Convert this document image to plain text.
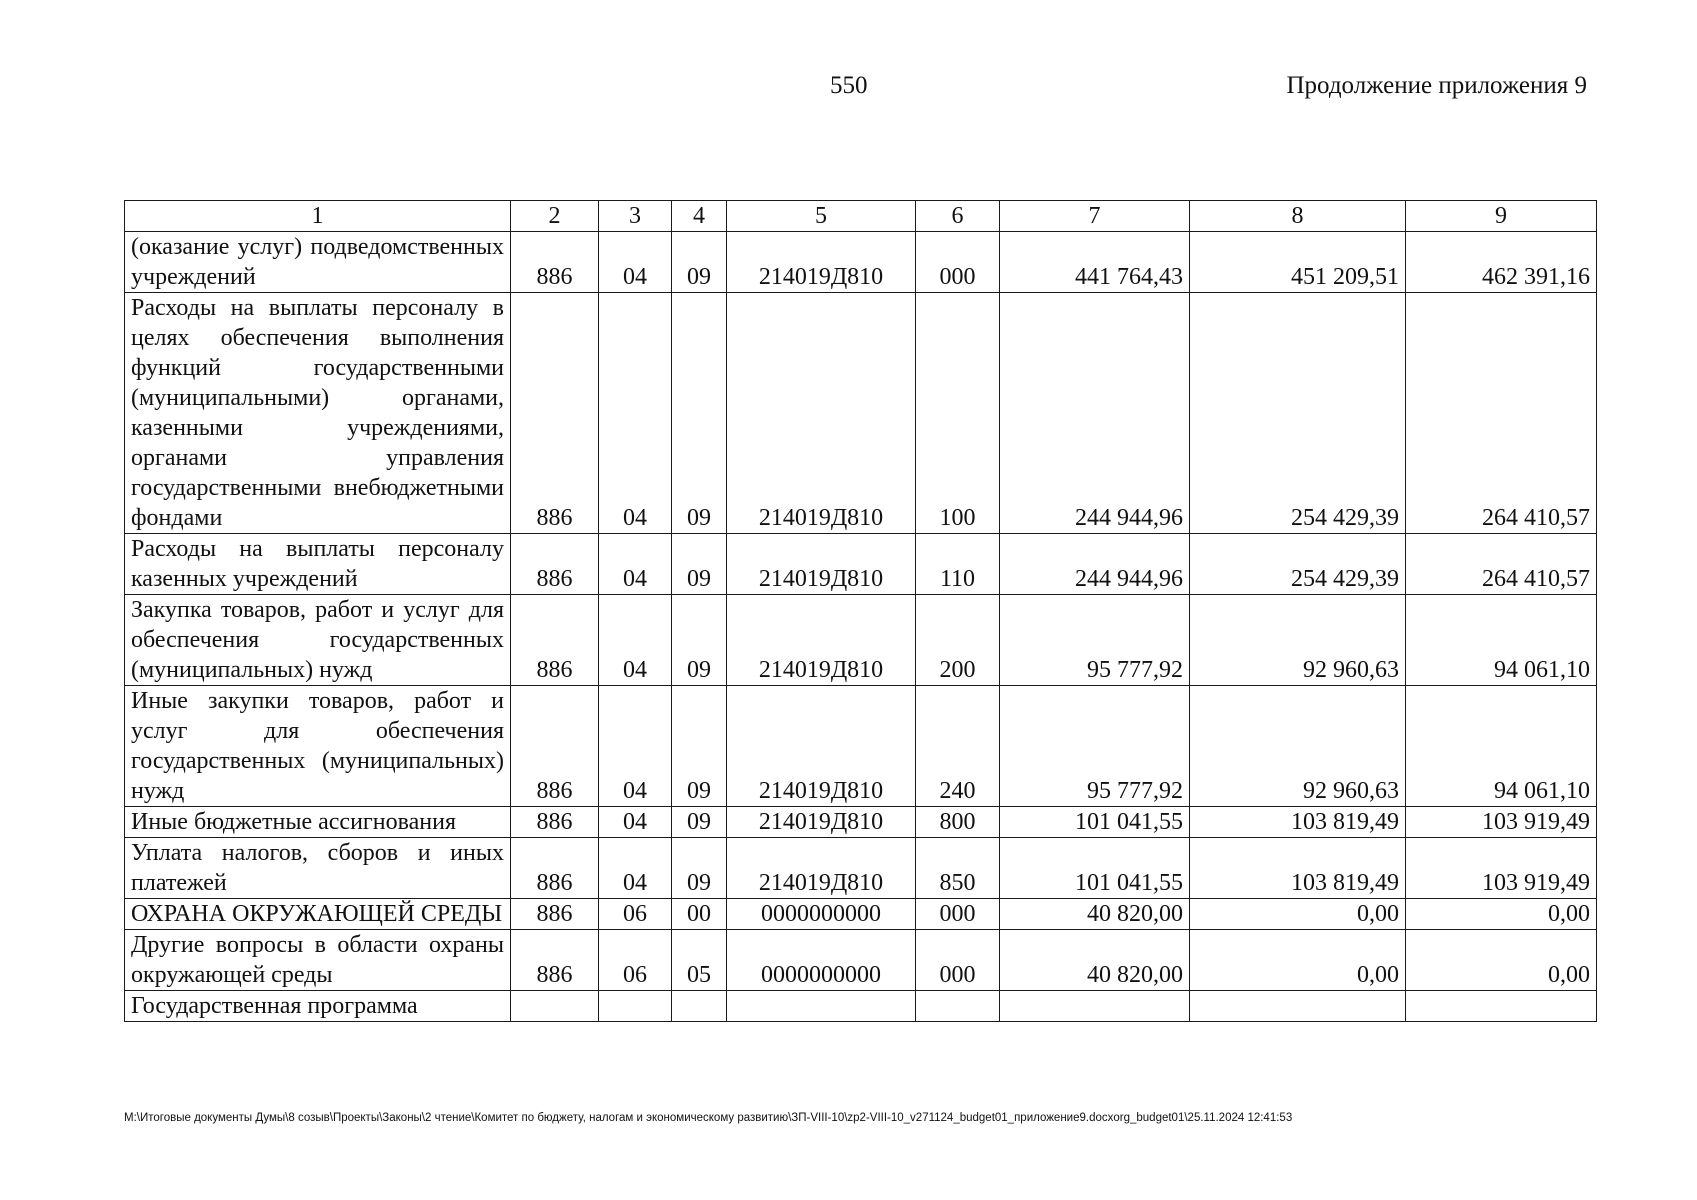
550	Продолжение приложения 9
1	2	3	4	5	6	7	8	9
(оказание услуг) подведомственных учреждений	886	04	09	214019Д810	000	441 764,43	451 209,51	462 391,16
Расходы на выплаты персоналу в целях обеспечения выполнения функций государственными (муниципальными) органами, казенными учреждениями, органами управления государственными внебюджетными фондами	886	04	09	214019Д810	100	244 944,96	254 429,39	264 410,57
Расходы на выплаты персоналу казенных учреждений	886	04	09	214019Д810	110	244 944,96	254 429,39	264 410,57
Закупка товаров, работ и услуг для обеспечения государственных (муниципальных) нужд	886	04	09	214019Д810	200	95 777,92	92 960,63	94 061,10
Иные закупки товаров, работ и услуг для обеспечения государственных (муниципальных) нужд	886	04	09	214019Д810	240	95 777,92	92 960,63	94 061,10
Иные бюджетные ассигнования	886	04	09	214019Д810	800	101 041,55	103 819,49	103 919,49
Уплата налогов, сборов и иных платежей	886	04	09	214019Д810	850	101 041,55	103 819,49	103 919,49
ОХРАНА ОКРУЖАЮЩЕЙ СРЕДЫ	886	06	00	0000000000	000	40 820,00	0,00	0,00
Другие вопросы в области охраны окружающей среды	886	06	05	0000000000	000	40 820,00	0,00	0,00
Государственная программа								
M:\Итоговые документы Думы\8 созыв\Проекты\Законы\2 чтение\Комитет по бюджету, налогам и экономическому развитию\ЗП-VIII-10\zp2-VIII-10_v271124_budget01_приложение9.docxorg_budget01\25.11.2024 12:41:53
